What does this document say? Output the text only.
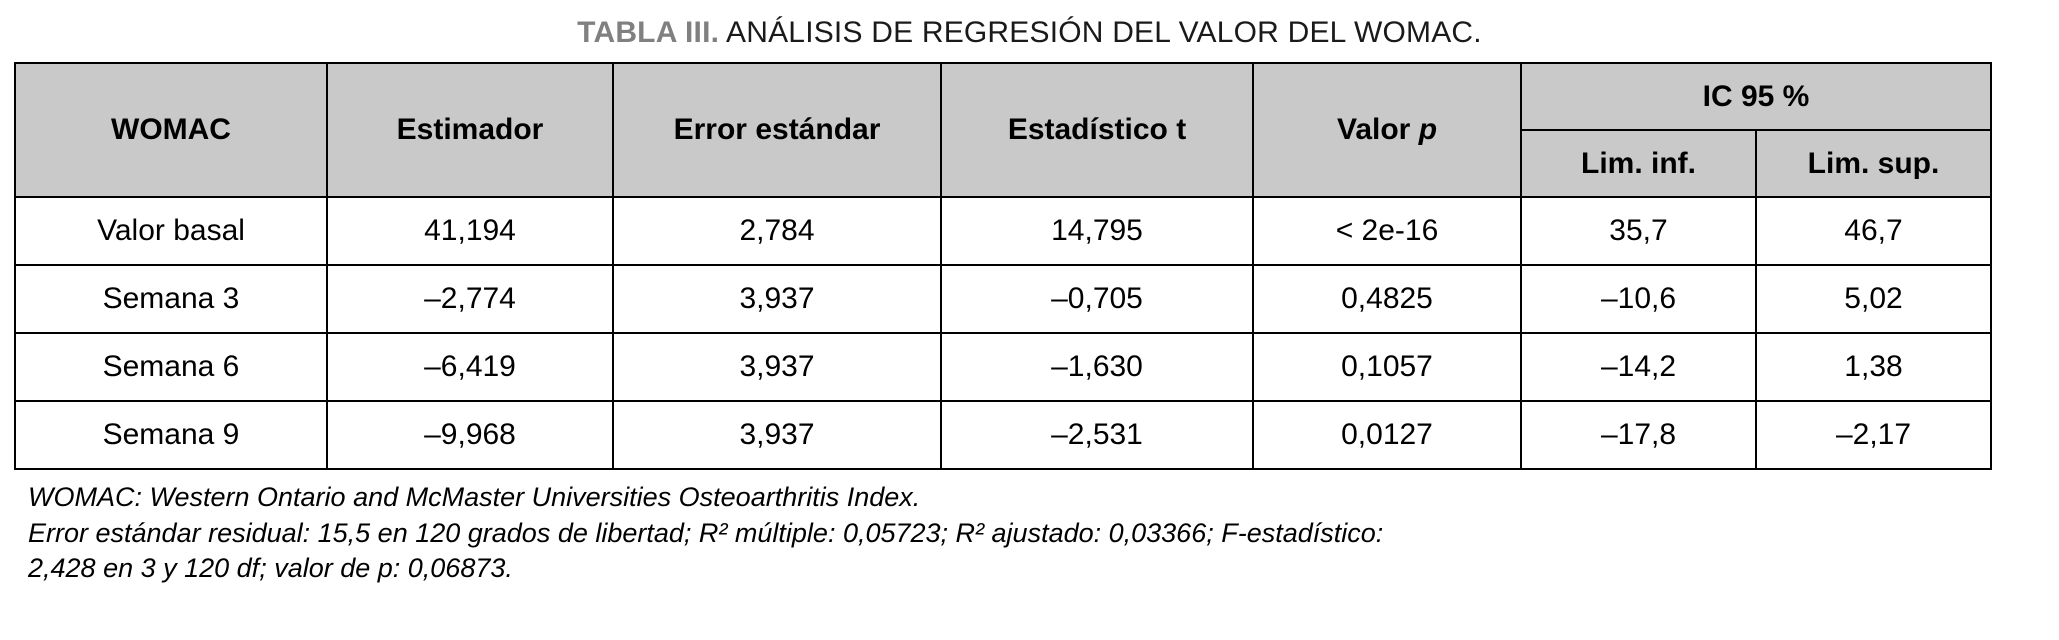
TABLA III. ANÁLISIS DE REGRESIÓN DEL VALOR DEL WOMAC.
WOMAC	Estimador	Error estándar	Estadístico t	Valor p	IC 95 %	
					Lim. inf.	Lim. sup.
Valor basal	41,194	2,784	14,795	< 2e-16	35,7	46,7
Semana 3	–2,774	3,937	–0,705	0,4825	–10,6	5,02
Semana 6	–6,419	3,937	–1,630	0,1057	–14,2	1,38
Semana 9	–9,968	3,937	–2,531	0,0127	–17,8	–2,17
WOMAC: Western Ontario and McMaster Universities Osteoarthritis Index.
Error estándar residual: 15,5 en 120 grados de libertad; R² múltiple: 0,05723; R² ajustado: 0,03366; F-estadístico:
2,428 en 3 y 120 df; valor de p: 0,06873.
